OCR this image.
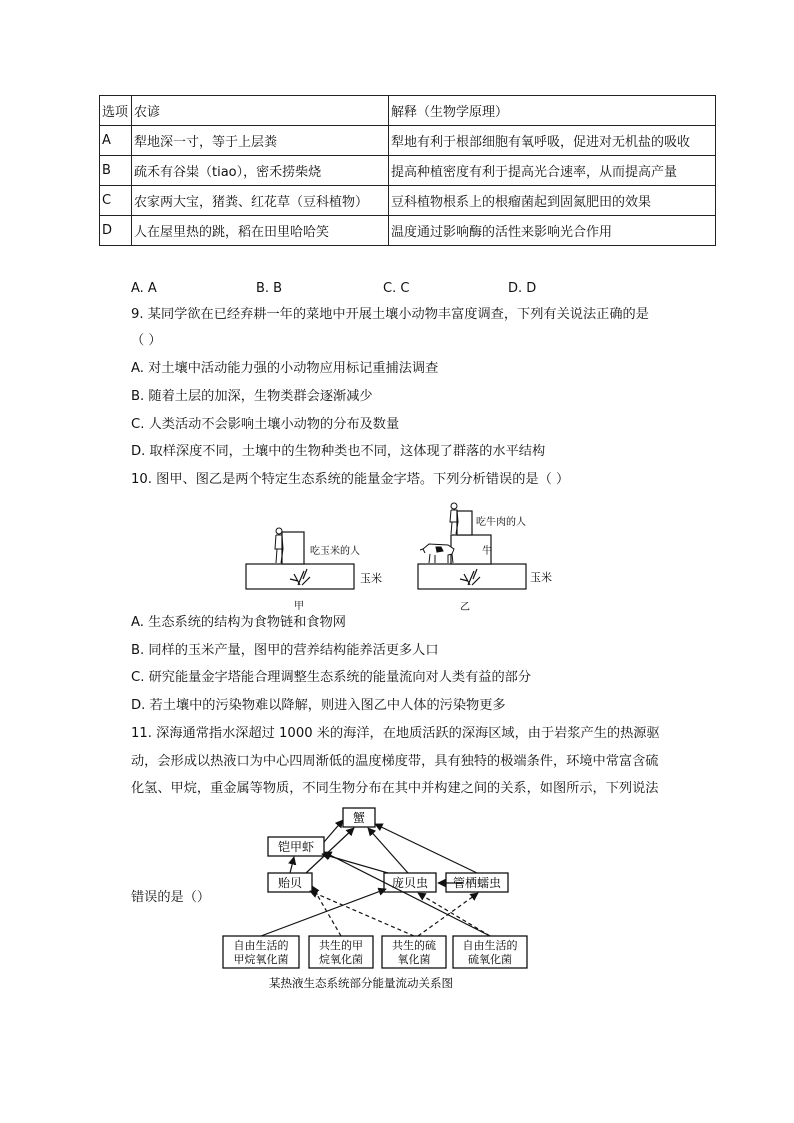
选项	农谚	解释（生物学原理）
A	犁地深一寸，等于上层粪	犁地有利于根部细胞有氧呼吸，促进对无机盐的吸收
B	疏禾有谷粜（tiao），密禾捞柴烧	提高种植密度有利于提高光合速率，从而提高产量
C	农家两大宝，猪粪、红花草（豆科植物）	豆科植物根系上的根瘤菌起到固氮肥田的效果
D	人在屋里热的跳，稻在田里哈哈笑	温度通过影响酶的活性来影响光合作用
A. A	B. B	C. C	D. D
9. 某同学欲在已经弃耕一年的菜地中开展土壤小动物丰富度调查，下列有关说法正确的是
（ ）
A. 对土壤中活动能力强的小动物应用标记重捕法调查
B. 随着土层的加深，生物类群会逐渐减少
C. 人类活动不会影响土壤小动物的分布及数量
D. 取样深度不同，土壤中的生物种类也不同，这体现了群落的水平结构
10. 图甲、图乙是两个特定生态系统的能量金字塔。下列分析错误的是（ ）
吃玉米的人
玉米
甲
吃牛肉的人
牛
玉米
乙
A. 生态系统的结构为食物链和食物网
B. 同样的玉米产量，图甲的营养结构能养活更多人口
C. 研究能量金字塔能合理调整生态系统的能量流向对人类有益的部分
D. 若土壤中的污染物难以降解，则进入图乙中人体的污染物更多
11. 深海通常指水深超过 1000 米的海洋，在地质活跃的深海区域，由于岩浆产生的热源驱
动，会形成以热液口为中心四周渐低的温度梯度带，具有独特的极端条件，环境中常富含硫
化氢、甲烷，重金属等物质，不同生物分布在其中并构建之间的关系，如图所示，下列说法
错误的是（）
蟹
铠甲虾
贻贝	庞贝虫 管栖蠕虫
自由生活的
甲烷氧化菌
共生的甲
烷氧化菌
共生的硫
氧化菌
自由生活的
硫氧化菌
某热液生态系统部分能量流动关系图
